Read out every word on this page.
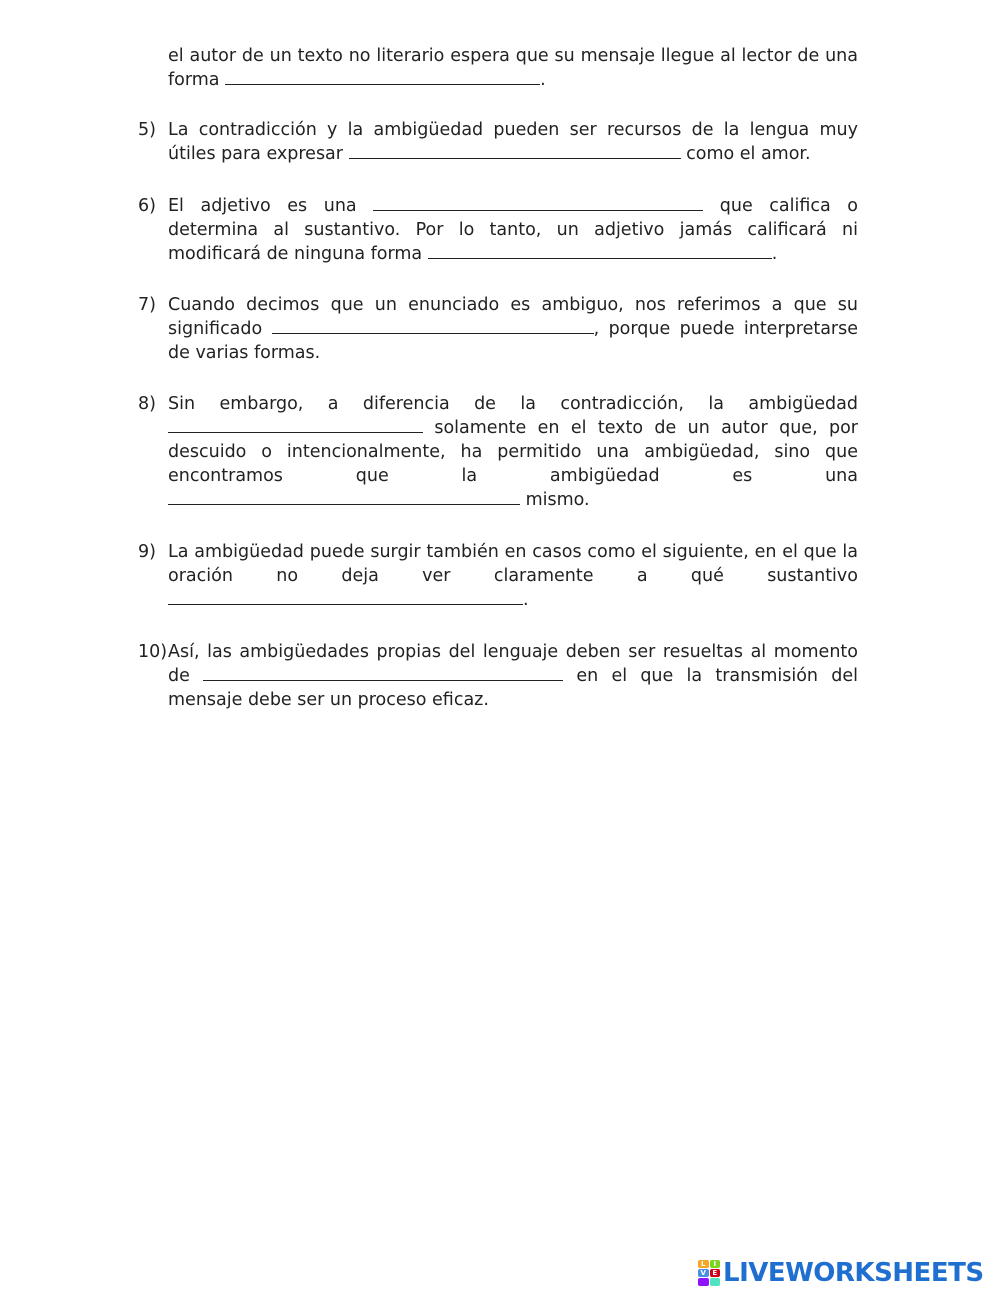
el autor de un texto no literario espera que su mensaje llegue al lector de una forma	.
5) La contradicción y la ambigüedad pueden ser recursos de la lengua muy útiles para expresar	como el amor.
6) El adjetivo es una	que califica o determina al sustantivo. Por lo tanto, un adjetivo jamás calificará ni modificará de ninguna forma	.
7) Cuando decimos que un enunciado es ambiguo, nos referimos a que su significado	, porque puede interpretarse de varias formas.
8) Sin embargo, a diferencia de la contradicción, la ambigüedad  solamente en el texto de un autor que, por descuido o intencionalmente, ha permitido una ambigüedad, sino que encontramos que la ambigüedad es una  mismo.
9) La ambigüedad puede surgir también en casos como el siguiente, en el que la oración no deja ver claramente a qué sustantivo .
10) Así, las ambigüedades propias del lenguaje deben ser resueltas al momento de	en el que la transmisión del mensaje debe ser un proceso eficaz.
L	I
V E LIVEWORKSHEETS
